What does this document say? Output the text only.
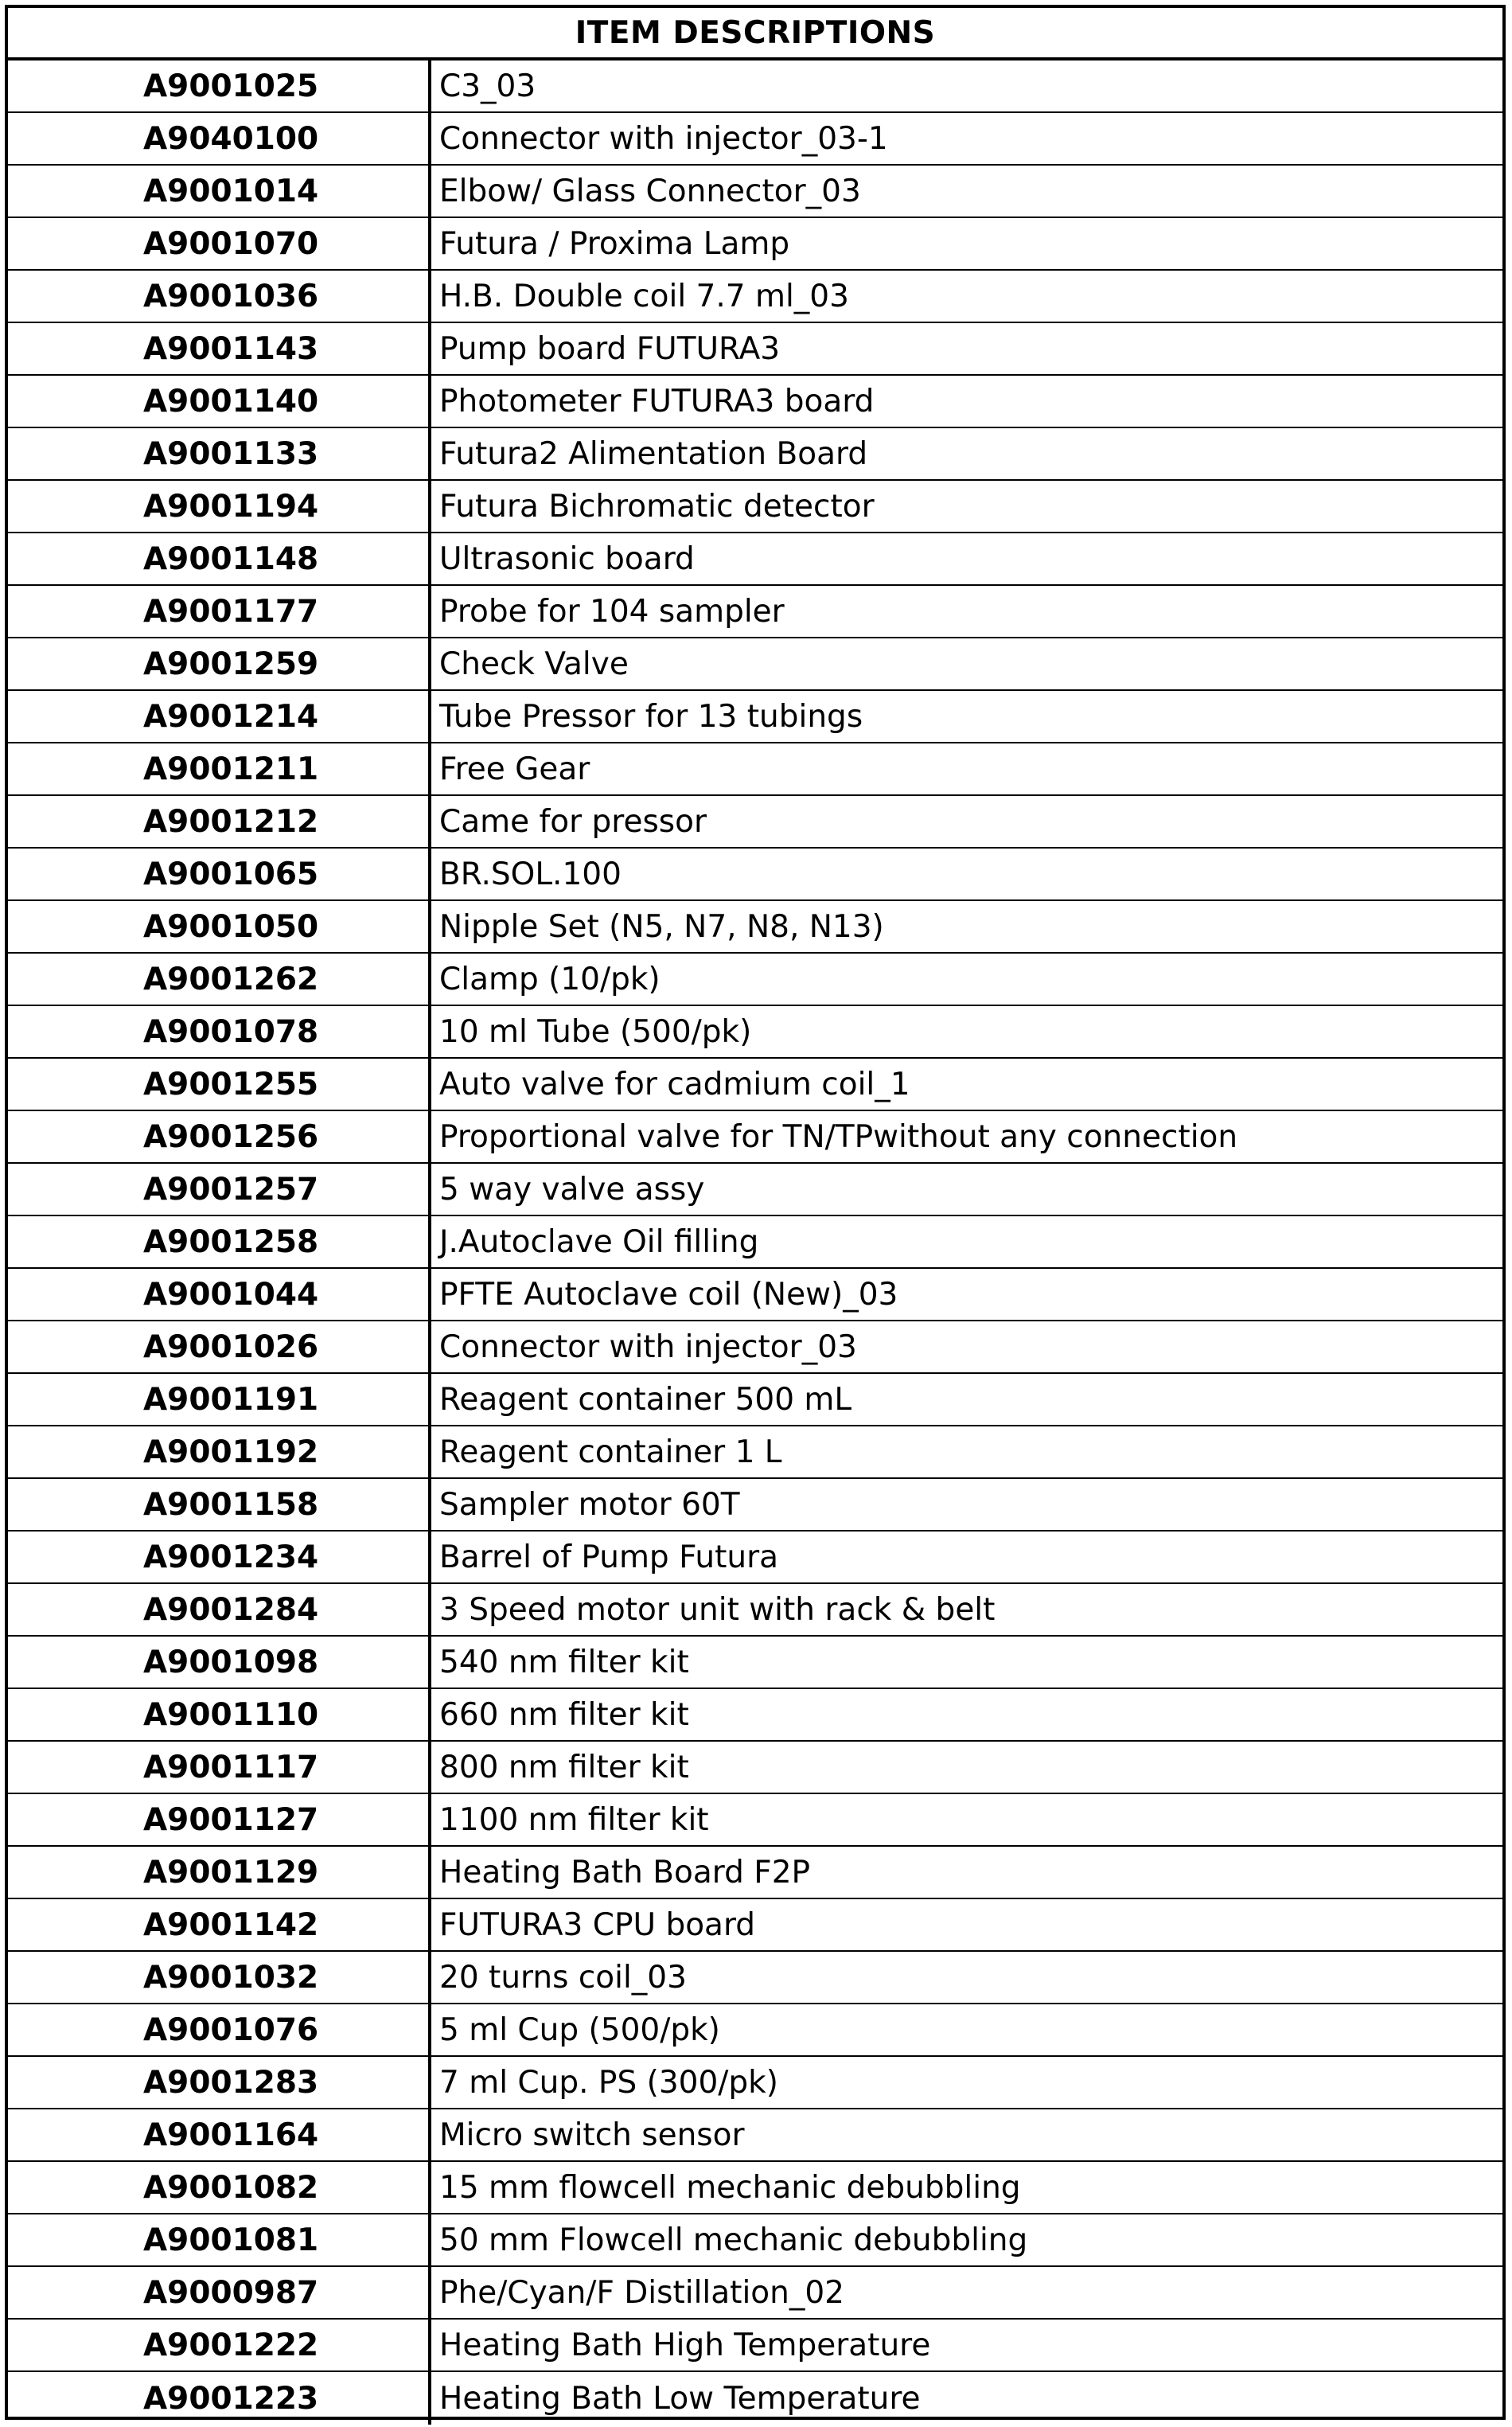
ITEM DESCRIPTIONS
A9001025	C3_03
A9040100	Connector with injector_03-1
A9001014	Elbow/ Glass Connector_03
A9001070	Futura / Proxima Lamp
A9001036	H.B. Double coil 7.7 ml_03
A9001143	Pump board FUTURA3
A9001140	Photometer FUTURA3 board
A9001133	Futura2 Alimentation Board
A9001194	Futura Bichromatic detector
A9001148	Ultrasonic board
A9001177	Probe for 104 sampler
A9001259	Check Valve
A9001214	Tube Pressor for 13 tubings
A9001211	Free Gear
A9001212	Came for pressor
A9001065	BR.SOL.100
A9001050	Nipple Set (N5, N7, N8, N13)
A9001262	Clamp (10/pk)
A9001078	10 ml Tube (500/pk)
A9001255	Auto valve for cadmium coil_1
A9001256	Proportional valve for TN/TPwithout any connection
A9001257	5 way valve assy
A9001258	J.Autoclave Oil filling
A9001044	PFTE Autoclave coil (New)_03
A9001026	Connector with injector_03
A9001191	Reagent container 500 mL
A9001192	Reagent container 1 L
A9001158	Sampler motor 60T
A9001234	Barrel of Pump Futura
A9001284	3 Speed motor unit with rack & belt
A9001098	540 nm filter kit
A9001110	660 nm filter kit
A9001117	800 nm filter kit
A9001127	1100 nm filter kit
A9001129	Heating Bath Board F2P
A9001142	FUTURA3 CPU board
A9001032	20 turns coil_03
A9001076	5 ml Cup (500/pk)
A9001283	7 ml Cup. PS (300/pk)
A9001164	Micro switch sensor
A9001082	15 mm flowcell mechanic debubbling
A9001081	50 mm Flowcell mechanic debubbling
A9000987	Phe/Cyan/F Distillation_02
A9001222	Heating Bath High Temperature
A9001223	Heating Bath Low Temperature
